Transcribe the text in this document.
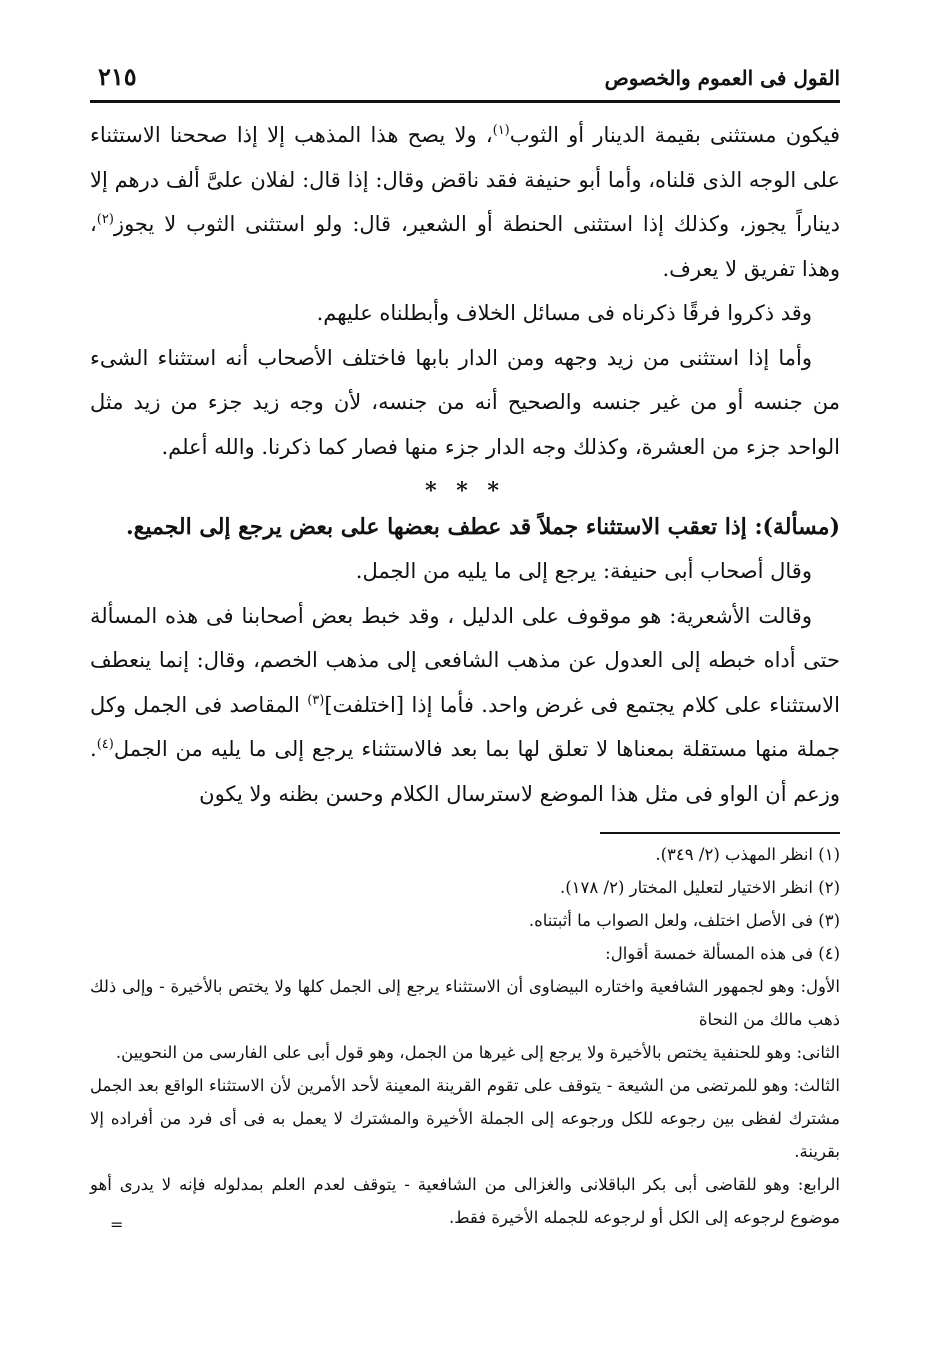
القول فى العموم والخصوص
٢١٥

فيكون مستثنى بقيمة الدينار أو الثوب$^{(١)}$، ولا يصح هذا المذهب إلا إذا صححنا الاستثناء على الوجه الذى قلناه، وأما أبو حنيفة فقد ناقض وقال: إذا قال: لفلان علىَّ ألف درهم إلا ديناراً يجوز، وكذلك إذا استثنى الحنطة أو الشعير، قال: ولو استثنى الثوب لا يجوز$^{(٢)}$، وهذا تفريق لا يعرف.

وقد ذكروا فرقًا ذكرناه فى مسائل الخلاف وأبطلناه عليهم.

وأما إذا استثنى من زيد وجهه ومن الدار بابها فاختلف الأصحاب أنه استثناء الشىء من جنسه أو من غير جنسه والصحيح أنه من جنسه، لأن وجه زيد جزء من زيد مثل الواحد جزء من العشرة، وكذلك وجه الدار جزء منها فصار كما ذكرنا. والله أعلم.

* * *

(مسألة): إذا تعقب الاستثناء جملاً قد عطف بعضها على بعض يرجع إلى الجميع.

وقال أصحاب أبى حنيفة: يرجع إلى ما يليه من الجمل.

وقالت الأشعرية: هو موقوف على الدليل ، وقد خبط بعض أصحابنا فى هذه المسألة حتى أداه خبطه إلى العدول عن مذهب الشافعى إلى مذهب الخصم، وقال: إنما ينعطف الاستثناء على كلام يجتمع فى غرض واحد. فأما إذا [اختلفت]$^{(٣)}$ المقاصد فى الجمل وكل جملة منها مستقلة بمعناها لا تعلق لها بما بعد فالاستثناء يرجع إلى ما يليه من الجمل$^{(٤)}$. وزعم أن الواو فى مثل هذا الموضع لاسترسال الكلام وحسن بظنه ولا يكون

(١) انظر المهذب (٢/ ٣٤٩).

(٢) انظر الاختيار لتعليل المختار (٢/ ١٧٨).

(٣) فى الأصل اختلف، ولعل الصواب ما أثبتناه.

(٤) فى هذه المسألة خمسة أقوال:

الأول: وهو لجمهور الشافعية واختاره البيضاوى أن الاستثناء يرجع إلى الجمل كلها ولا يختص بالأخيرة - وإلى ذلك ذهب مالك من النحاة

الثانى: وهو للحنفية يختص بالأخيرة ولا يرجع إلى غيرها من الجمل، وهو قول أبى على الفارسى من النحويين.

الثالث: وهو للمرتضى من الشيعة - يتوقف على تقوم القرينة المعينة لأحد الأمرين لأن الاستثناء الواقع بعد الجمل مشترك لفظى بين رجوعه للكل ورجوعه إلى الجملة الأخيرة والمشترك لا يعمل به فى أى فرد من أفراده إلا بقرينة.

الرابع: وهو للقاضى أبى بكر الباقلانى والغزالى من الشافعية - يتوقف لعدم العلم بمدلوله فإنه لا يدرى أهو موضوع لرجوعه إلى الكل أو لرجوعه للجمله الأخيرة فقط.

=
